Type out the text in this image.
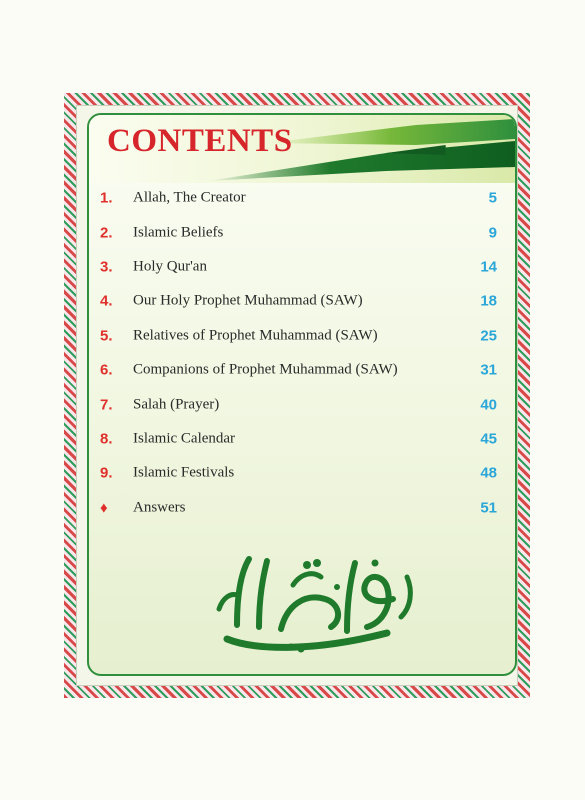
CONTENTS
1. Allah, The Creator	5
2. Islamic Beliefs	9
3. Holy Qur'an	14
4. Our Holy Prophet Muhammad (SAW)	18
5. Relatives of Prophet Muhammad (SAW)	25
6. Companions of Prophet Muhammad (SAW)	31
7. Salah (Prayer)	40
8. Islamic Calendar	45
9. Islamic Festivals	48
♦ Answers	51
